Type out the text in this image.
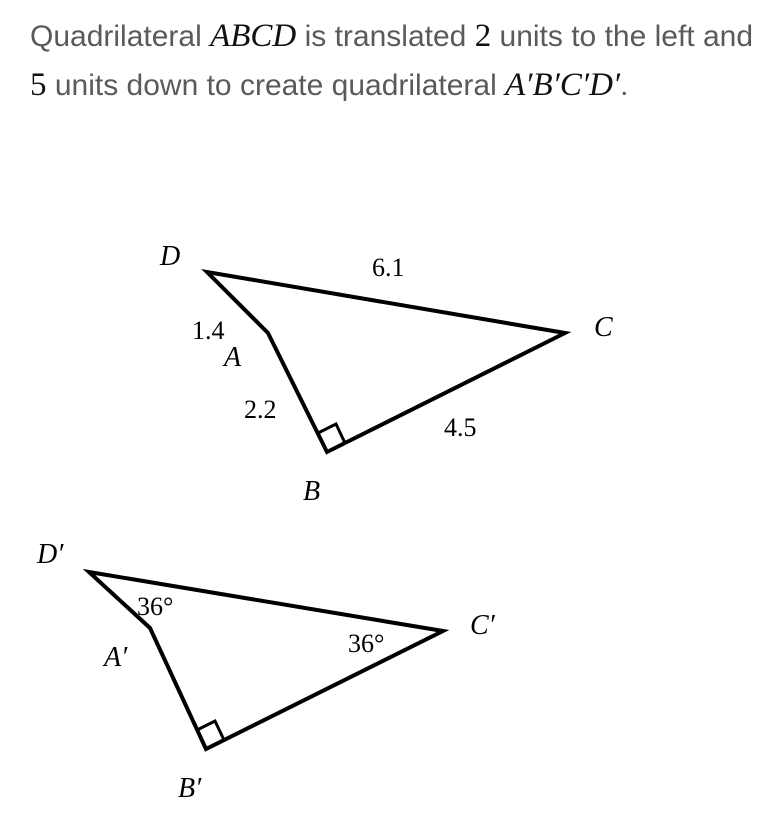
Quadrilateral ABCD is translated 2 units to the left and 5 units down to create quadrilateral A′B′C′D′.
D
A
B
C
6.1
1.4
2.2
4.5
D′
A′
B′
C′
36°
36°
